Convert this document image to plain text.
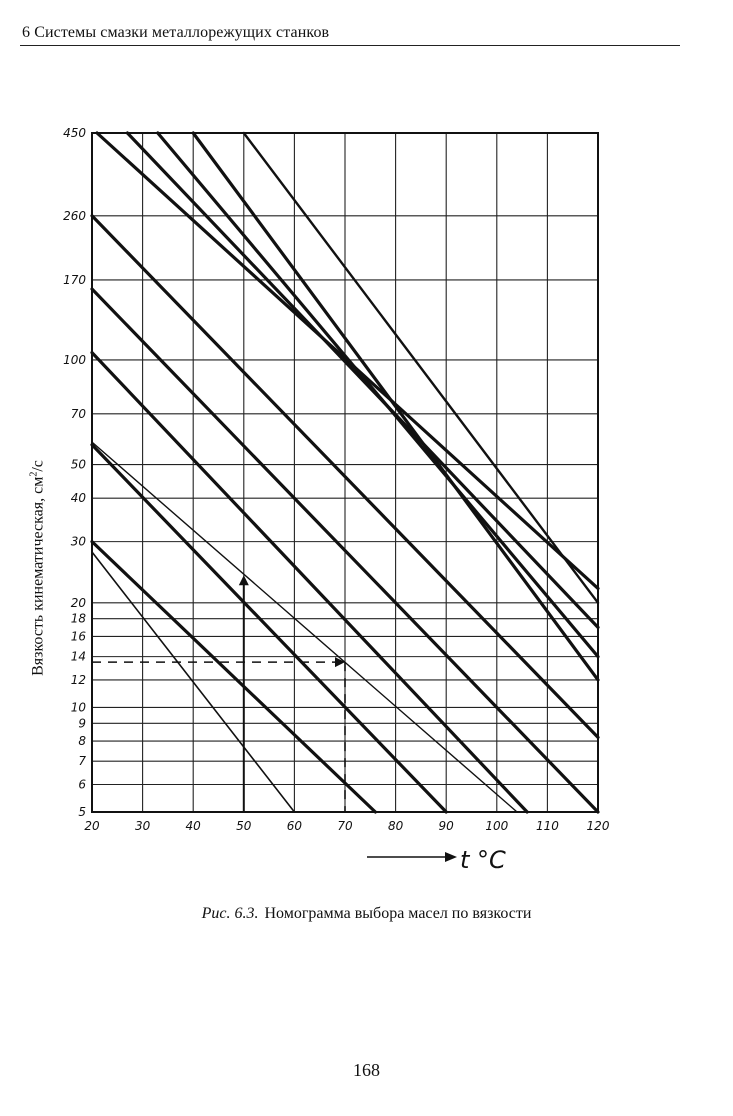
6 Системы смазки металлорежущих станков
Вязкость кинематическая, $см^2/с$
450
260
170
100
70
50
40
30
20
18
16
14
12
10
9
8
7
6
5
20	30	40	50	60	70	80	90	100 110 120
t °C
Рис. 6.3. Номограмма выбора масел по вязкости
168
